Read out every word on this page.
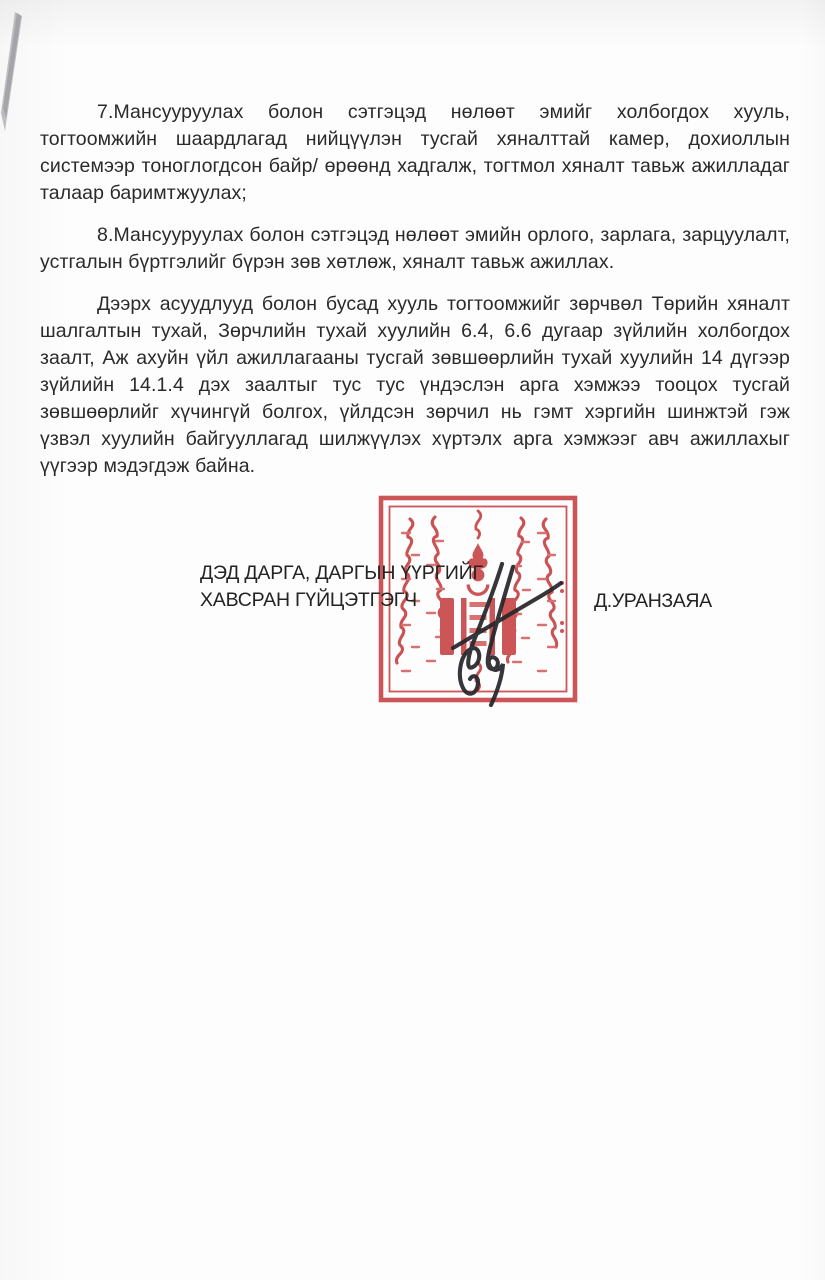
7.Мансууруулах болон сэтгэцэд нөлөөт эмийг холбогдох хууль, тогтоомжийн шаардлагад нийцүүлэн тусгай хяналттай камер, дохиоллын системээр тоноглогдсон байр/ өрөөнд хадгалж, тогтмол хяналт тавьж ажилладаг талаар баримтжуулах;

8.Мансууруулах болон сэтгэцэд нөлөөт эмийн орлого, зарлага, зарцуулалт, устгалын бүртгэлийг бүрэн зөв хөтлөж, хяналт тавьж ажиллах.

Дээрх асуудлууд болон бусад хууль тогтоомжийг зөрчвөл Төрийн хяналт шалгалтын тухай, Зөрчлийн тухай хуулийн 6.4, 6.6 дугаар зүйлийн холбогдох заалт, Аж ахуйн үйл ажиллагааны тусгай зөвшөөрлийн тухай хуулийн 14 дүгээр зүйлийн 14.1.4 дэх заалтыг тус тус үндэслэн арга хэмжээ тооцох тусгай зөвшөөрлийг хүчингүй болгох, үйлдсэн зөрчил нь гэмт хэргийн шинжтэй гэж үзвэл хуулийн байгууллагад шилжүүлэх хүртэлх арга хэмжээг авч ажиллахыг үүгээр мэдэгдэж байна.

ДЭД ДАРГА, ДАРГЫН ҮҮРГИЙГ
ХАВСРАН ГҮЙЦЭТГЭГЧ	Д.УРАНЗАЯА
